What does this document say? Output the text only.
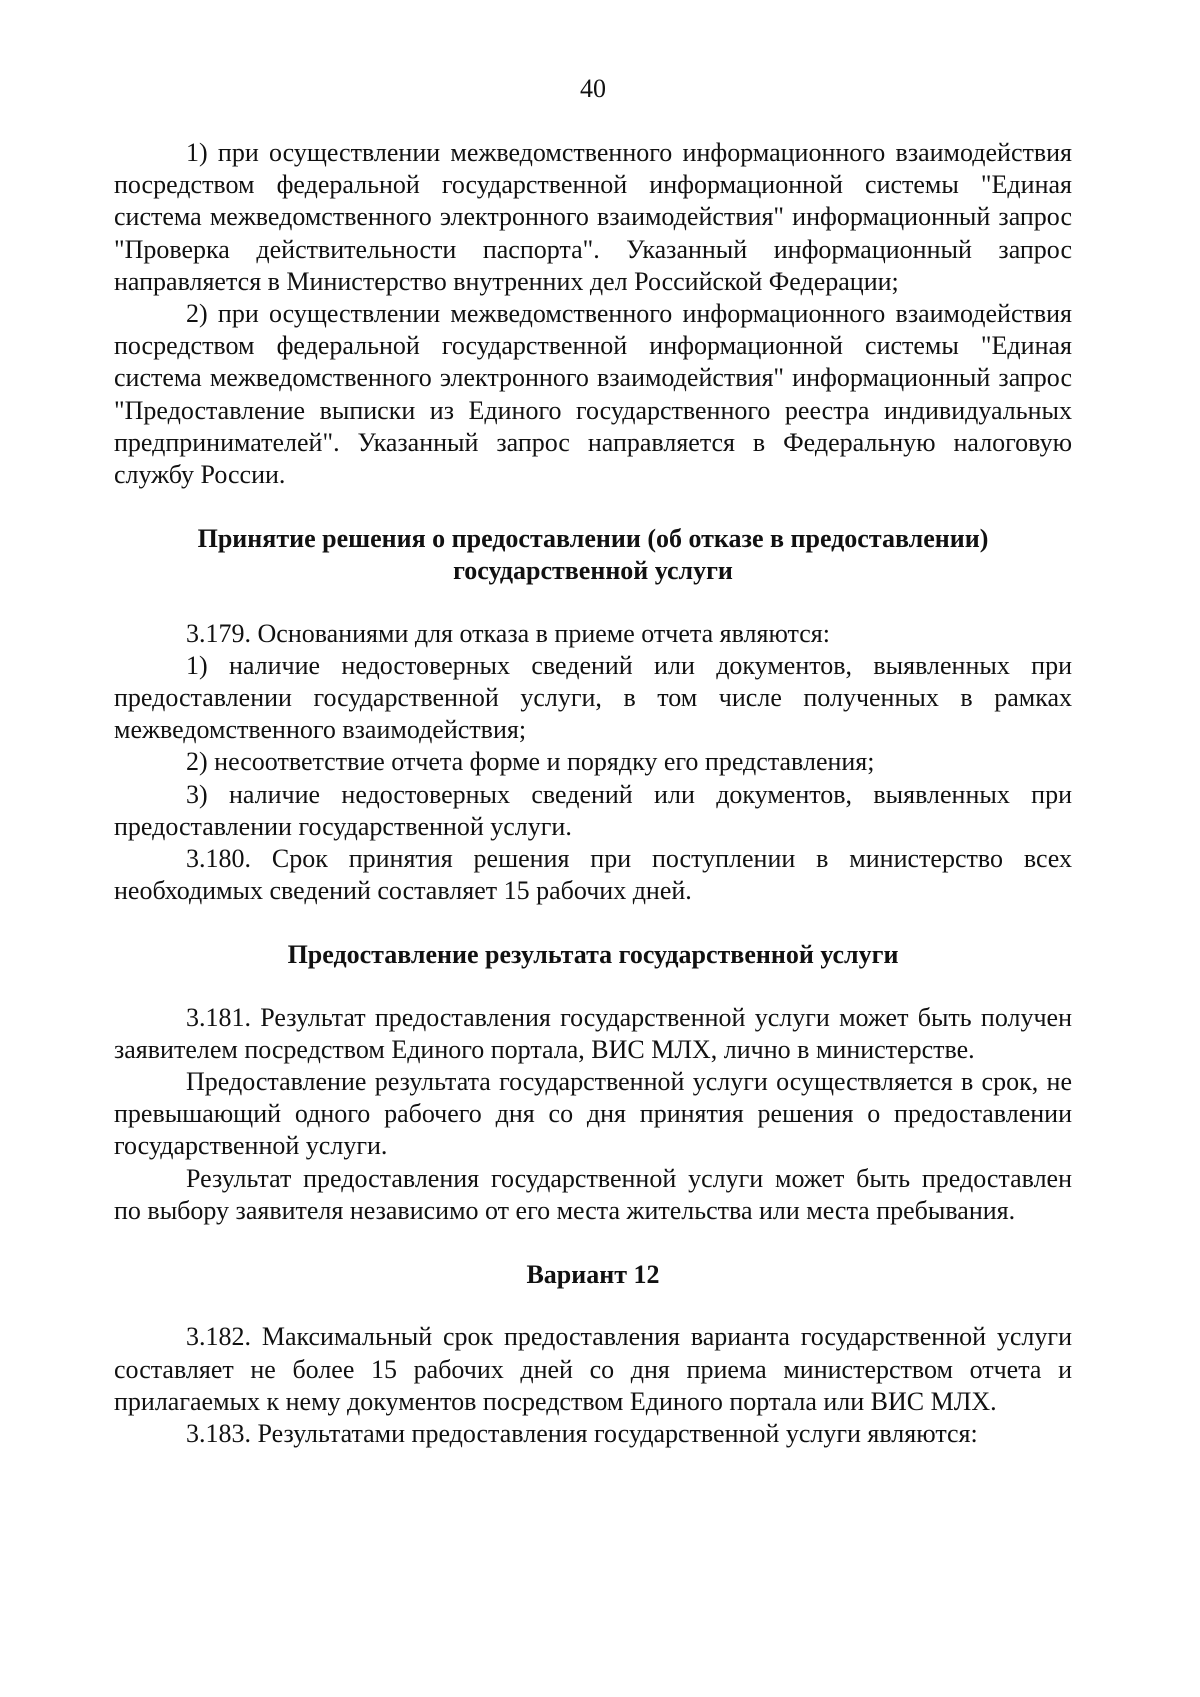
40

1) при осуществлении межведомственного информационного взаимодействия посредством федеральной государственной информационной системы "Единая система межведомственного электронного взаимодействия" информационный запрос "Проверка действительности паспорта". Указанный информационный запрос направляется в Министерство внутренних дел Российской Федерации;

2) при осуществлении межведомственного информационного взаимодействия посредством федеральной государственной информационной системы "Единая система межведомственного электронного взаимодействия" информационный запрос "Предоставление выписки из Единого государственного реестра индивидуальных предпринимателей". Указанный запрос направляется в Федеральную налоговую службу России.

Принятие решения о предоставлении (об отказе в предоставлении)
государственной услуги

3.179. Основаниями для отказа в приеме отчета являются:

1) наличие недостоверных сведений или документов, выявленных при предоставлении государственной услуги, в том числе полученных в рамках межведомственного взаимодействия;

2) несоответствие отчета форме и порядку его представления;

3) наличие недостоверных сведений или документов, выявленных при предоставлении государственной услуги.

3.180. Срок принятия решения при поступлении в министерство всех необходимых сведений составляет 15 рабочих дней.

Предоставление результата государственной услуги

3.181. Результат предоставления государственной услуги может быть получен заявителем посредством Единого портала, ВИС МЛХ, лично в министерстве.

Предоставление результата государственной услуги осуществляется в срок, не превышающий одного рабочего дня со дня принятия решения о предоставлении государственной услуги.

Результат предоставления государственной услуги может быть предоставлен по выбору заявителя независимо от его места жительства или места пребывания.

Вариант 12

3.182. Максимальный срок предоставления варианта государственной услуги составляет не более 15 рабочих дней со дня приема министерством отчета и прилагаемых к нему документов посредством Единого портала или ВИС МЛХ.

3.183. Результатами предоставления государственной услуги являются:
